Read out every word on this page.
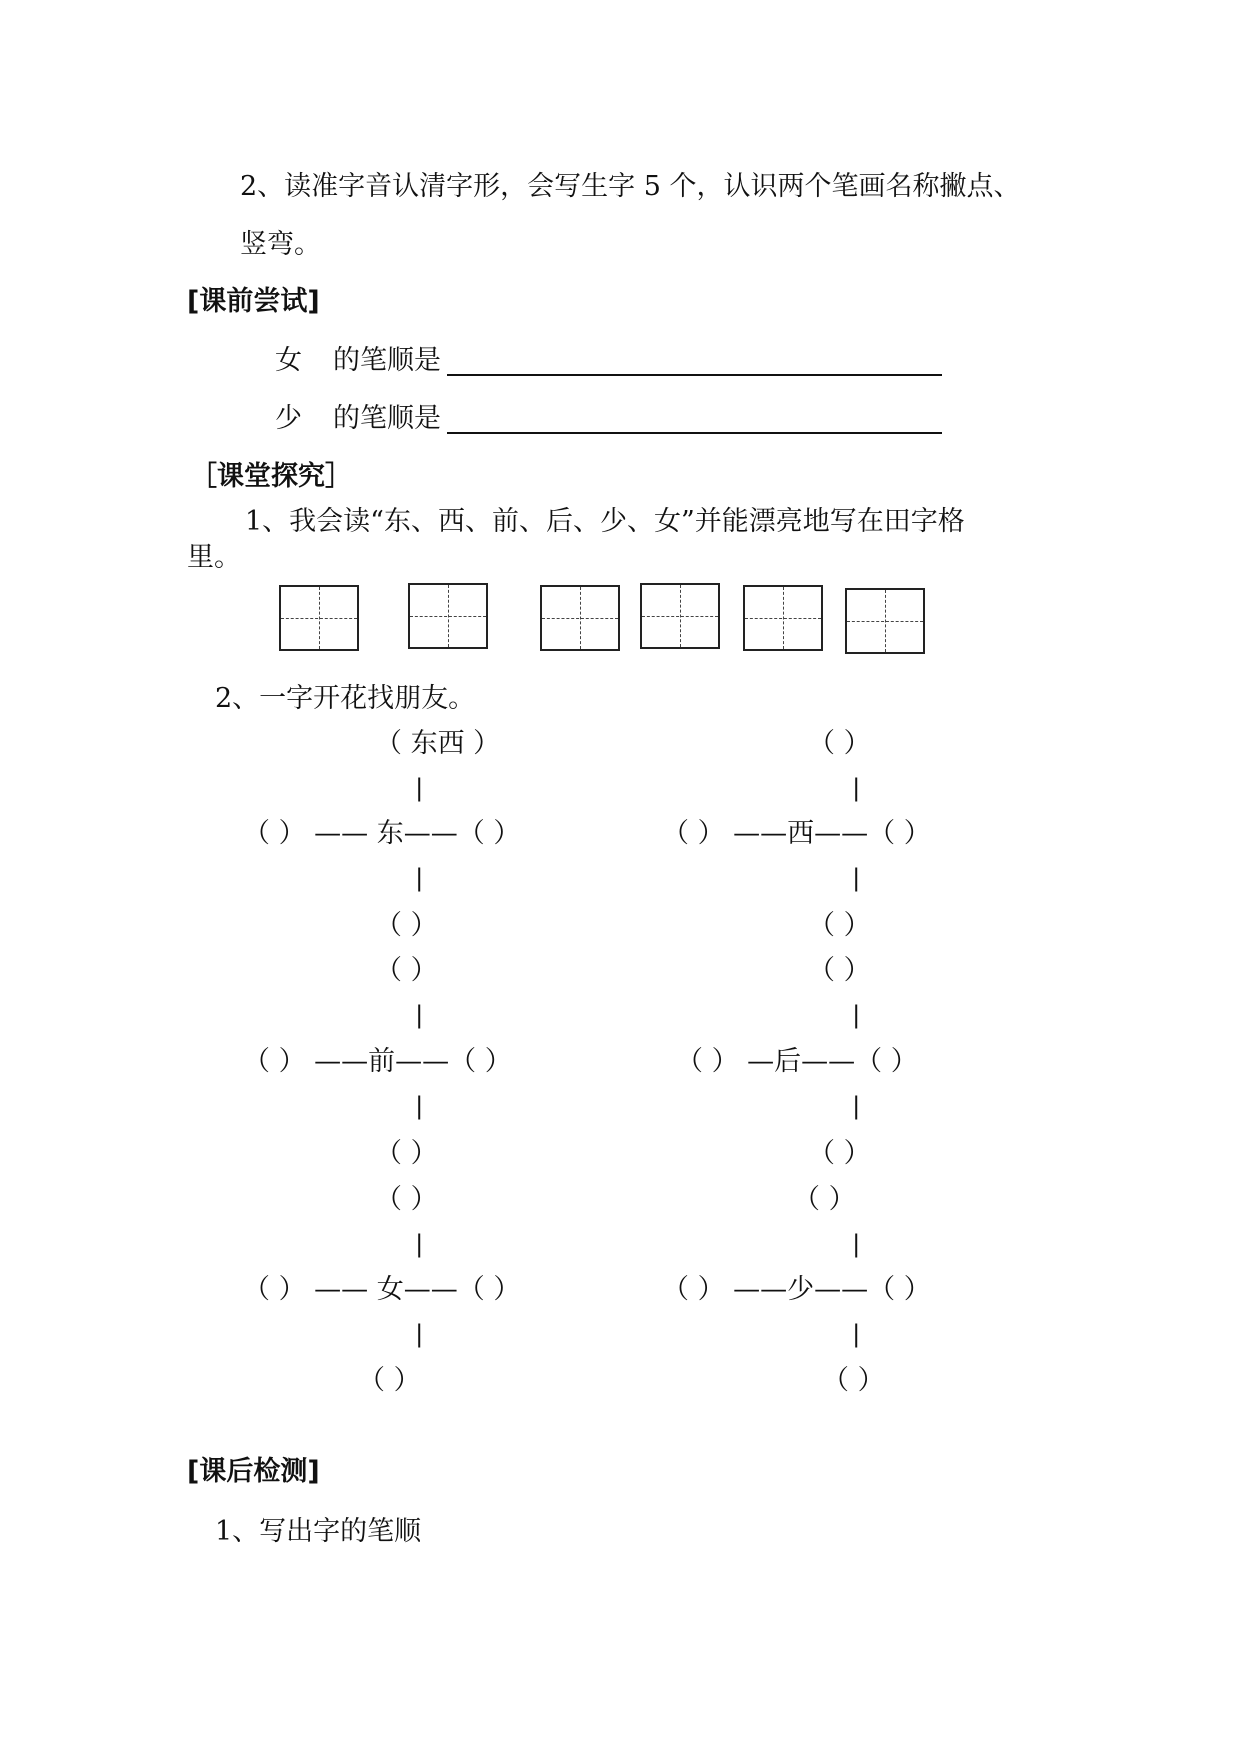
2、读准字音认清字形，会写生字 5 个，认识两个笔画名称撇点、
竖弯。
[课前尝试]
女 的笔顺是
少 的笔顺是
［课堂探究］
1、我会读“东、西、前、后、少、女”并能漂亮地写在田字格
里。
2、一字开花找朋友。
（ 东西 ）
|
（ ） —— 东——（ ）
|
（ ）
（ ）
|
（ ） ——西——（ ）
|
（ ）
（ ）
|
（ ） ——前——（ ）
|
（ ）
（ ）
|
（ ） —后——（ ）
|
（ ）
（ ）
|
（ ） —— 女——（ ）
|
（ ）
（ ）
|
（ ） ——少——（ ）
|
（ ）
[课后检测]
1、写出字的笔顺
